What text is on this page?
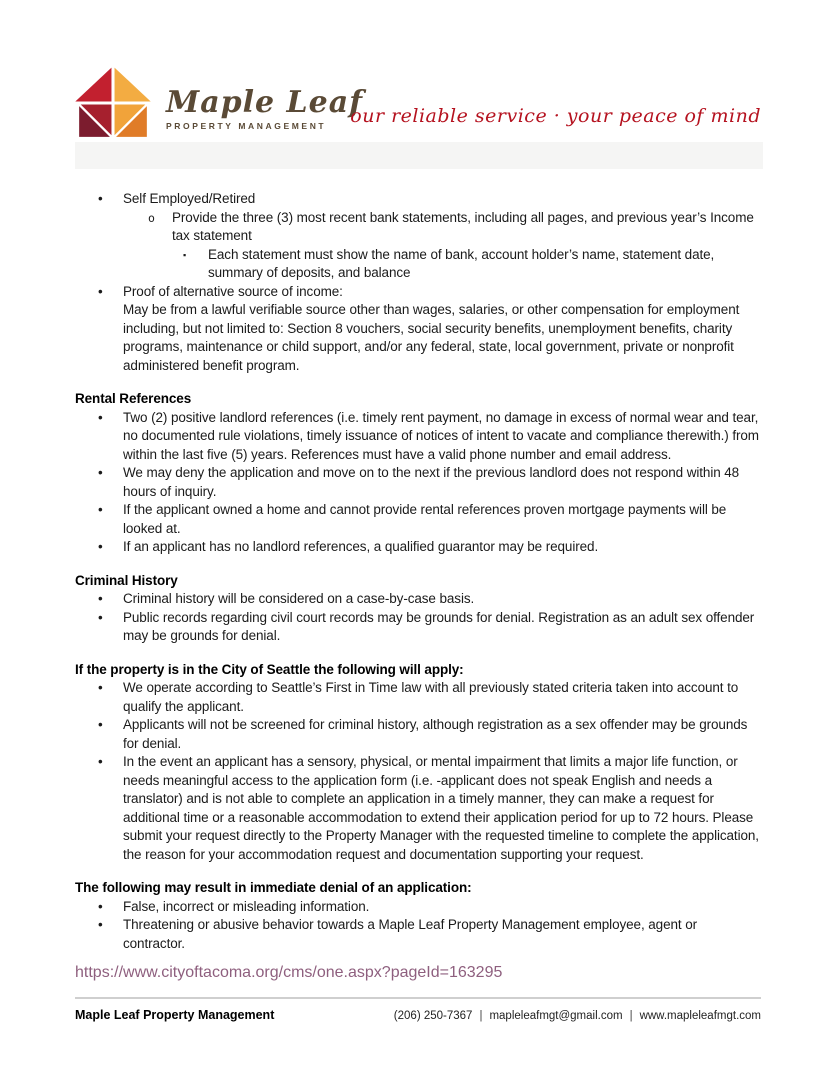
Maple Leaf
PROPERTY MANAGEMENT	our reliable service · your peace of mind
•	Self Employed/Retired
o	Provide the three (3) most recent bank statements, including all pages, and previous year’s Income tax statement
▪	Each statement must show the name of bank, account holder’s name, statement date, summary of deposits, and balance
•	Proof of alternative source of income:
May be from a lawful verifiable source other than wages, salaries, or other compensation for employment including, but not limited to: Section 8 vouchers, social security benefits, unemployment benefits, charity programs, maintenance or child support, and/or any federal, state, local government, private or nonprofit administered benefit program.
Rental References
•	Two (2) positive landlord references (i.e. timely rent payment, no damage in excess of normal wear and tear, no documented rule violations, timely issuance of notices of intent to vacate and compliance therewith.) from within the last five (5) years. References must have a valid phone number and email address.
•	We may deny the application and move on to the next if the previous landlord does not respond within 48 hours of inquiry.
•	If the applicant owned a home and cannot provide rental references proven mortgage payments will be looked at.
•	If an applicant has no landlord references, a qualified guarantor may be required.
Criminal History
•	Criminal history will be considered on a case-by-case basis.
•	Public records regarding civil court records may be grounds for denial. Registration as an adult sex offender may be grounds for denial.
If the property is in the City of Seattle the following will apply:
•	We operate according to Seattle’s First in Time law with all previously stated criteria taken into account to qualify the applicant.
•	Applicants will not be screened for criminal history, although registration as a sex offender may be grounds for denial.
•	In the event an applicant has a sensory, physical, or mental impairment that limits a major life function, or needs meaningful access to the application form (i.e. -applicant does not speak English and needs a translator) and is not able to complete an application in a timely manner, they can make a request for additional time or a reasonable accommodation to extend their application period for up to 72 hours. Please submit your request directly to the Property Manager with the requested timeline to complete the application, the reason for your accommodation request and documentation supporting your request.
The following may result in immediate denial of an application:
•	False, incorrect or misleading information.
•	Threatening or abusive behavior towards a Maple Leaf Property Management employee, agent or contractor.
https://www.cityoftacoma.org/cms/one.aspx?pageId=163295
Maple Leaf Property Management	(206) 250-7367 | mapleleafmgt@gmail.com | www.mapleleafmgt.com
